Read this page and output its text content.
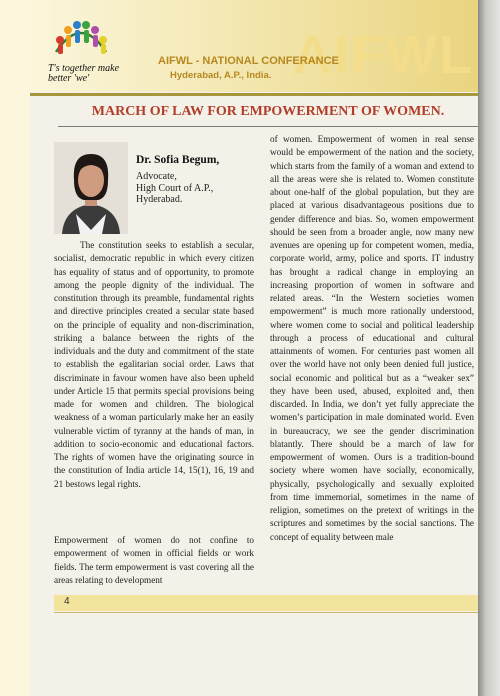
AIFWL
T's together make better 'we'
AIFWL - NATIONAL CONFERANCE
Hyderabad, A.P., India.
MARCH OF LAW FOR EMPOWERMENT OF WOMEN.
Dr. Sofia Begum,
Advocate,
High Court of A.P.,
Hyderabad.
The constitution seeks to establish a secular, socialist, democratic republic in which every citizen has equality of status and of opportunity, to promote among the people dignity of the individual. The constitution through its preamble, fundamental rights and directive principles created a secular state based on the principle of equality and non-discrimination, striking a balance between the rights of the individuals and the duty and commitment of the state to establish the egalitarian social order. Laws that discriminate in favour women have also been upheld under Article 15 that permits special provisions being made for women and children. The biological weakness of a woman particularly make her an easily vulnerable victim of tyranny at the hands of man, in addition to socio-economic and educational factors. The rights of women have the originating source in the constitution of India article 14, 15(1), 16, 19 and 21 bestows legal rights.
Empowerment of women do not confine to empowerment of women in official fields or work fields. The term empowerment is vast covering all the areas relating to development
of women. Empowerment of women in real sense would be empowerment of the nation and the society, which starts from the family of a woman and extend to all the areas were she is related to. Women constitute about one-half of the global population, but they are placed at various disadvantageous positions due to gender difference and bias. So, women empowerment should be seen from a broader angle, now many new avenues are opening up for competent women, media, corporate world, army, police and sports. IT industry has brought a radical change in employing an increasing proportion of women in software and related areas. “In the Western societies women empowerment” is much more rationally understood, where women come to social and political leadership through a process of educational and cultural attainments of women. For centuries past women all over the world have not only been denied full justice, social economic and political but as a “weaker sex” they have been used, abused, exploited and, then discarded. In India, we don’t yet fully appreciate the women’s participation in male dominated world. Even in bureaucracy, we see the gender discrimination blatantly. There should be a march of law for empowerment of women. Ours is a tradition-bound society where women have socially, economically, physically, psychologically and sexually exploited from time immemorial, sometimes in the name of religion, sometimes on the pretext of writings in the scriptures and sometimes by the social sanctions. The concept of equality between male
4
